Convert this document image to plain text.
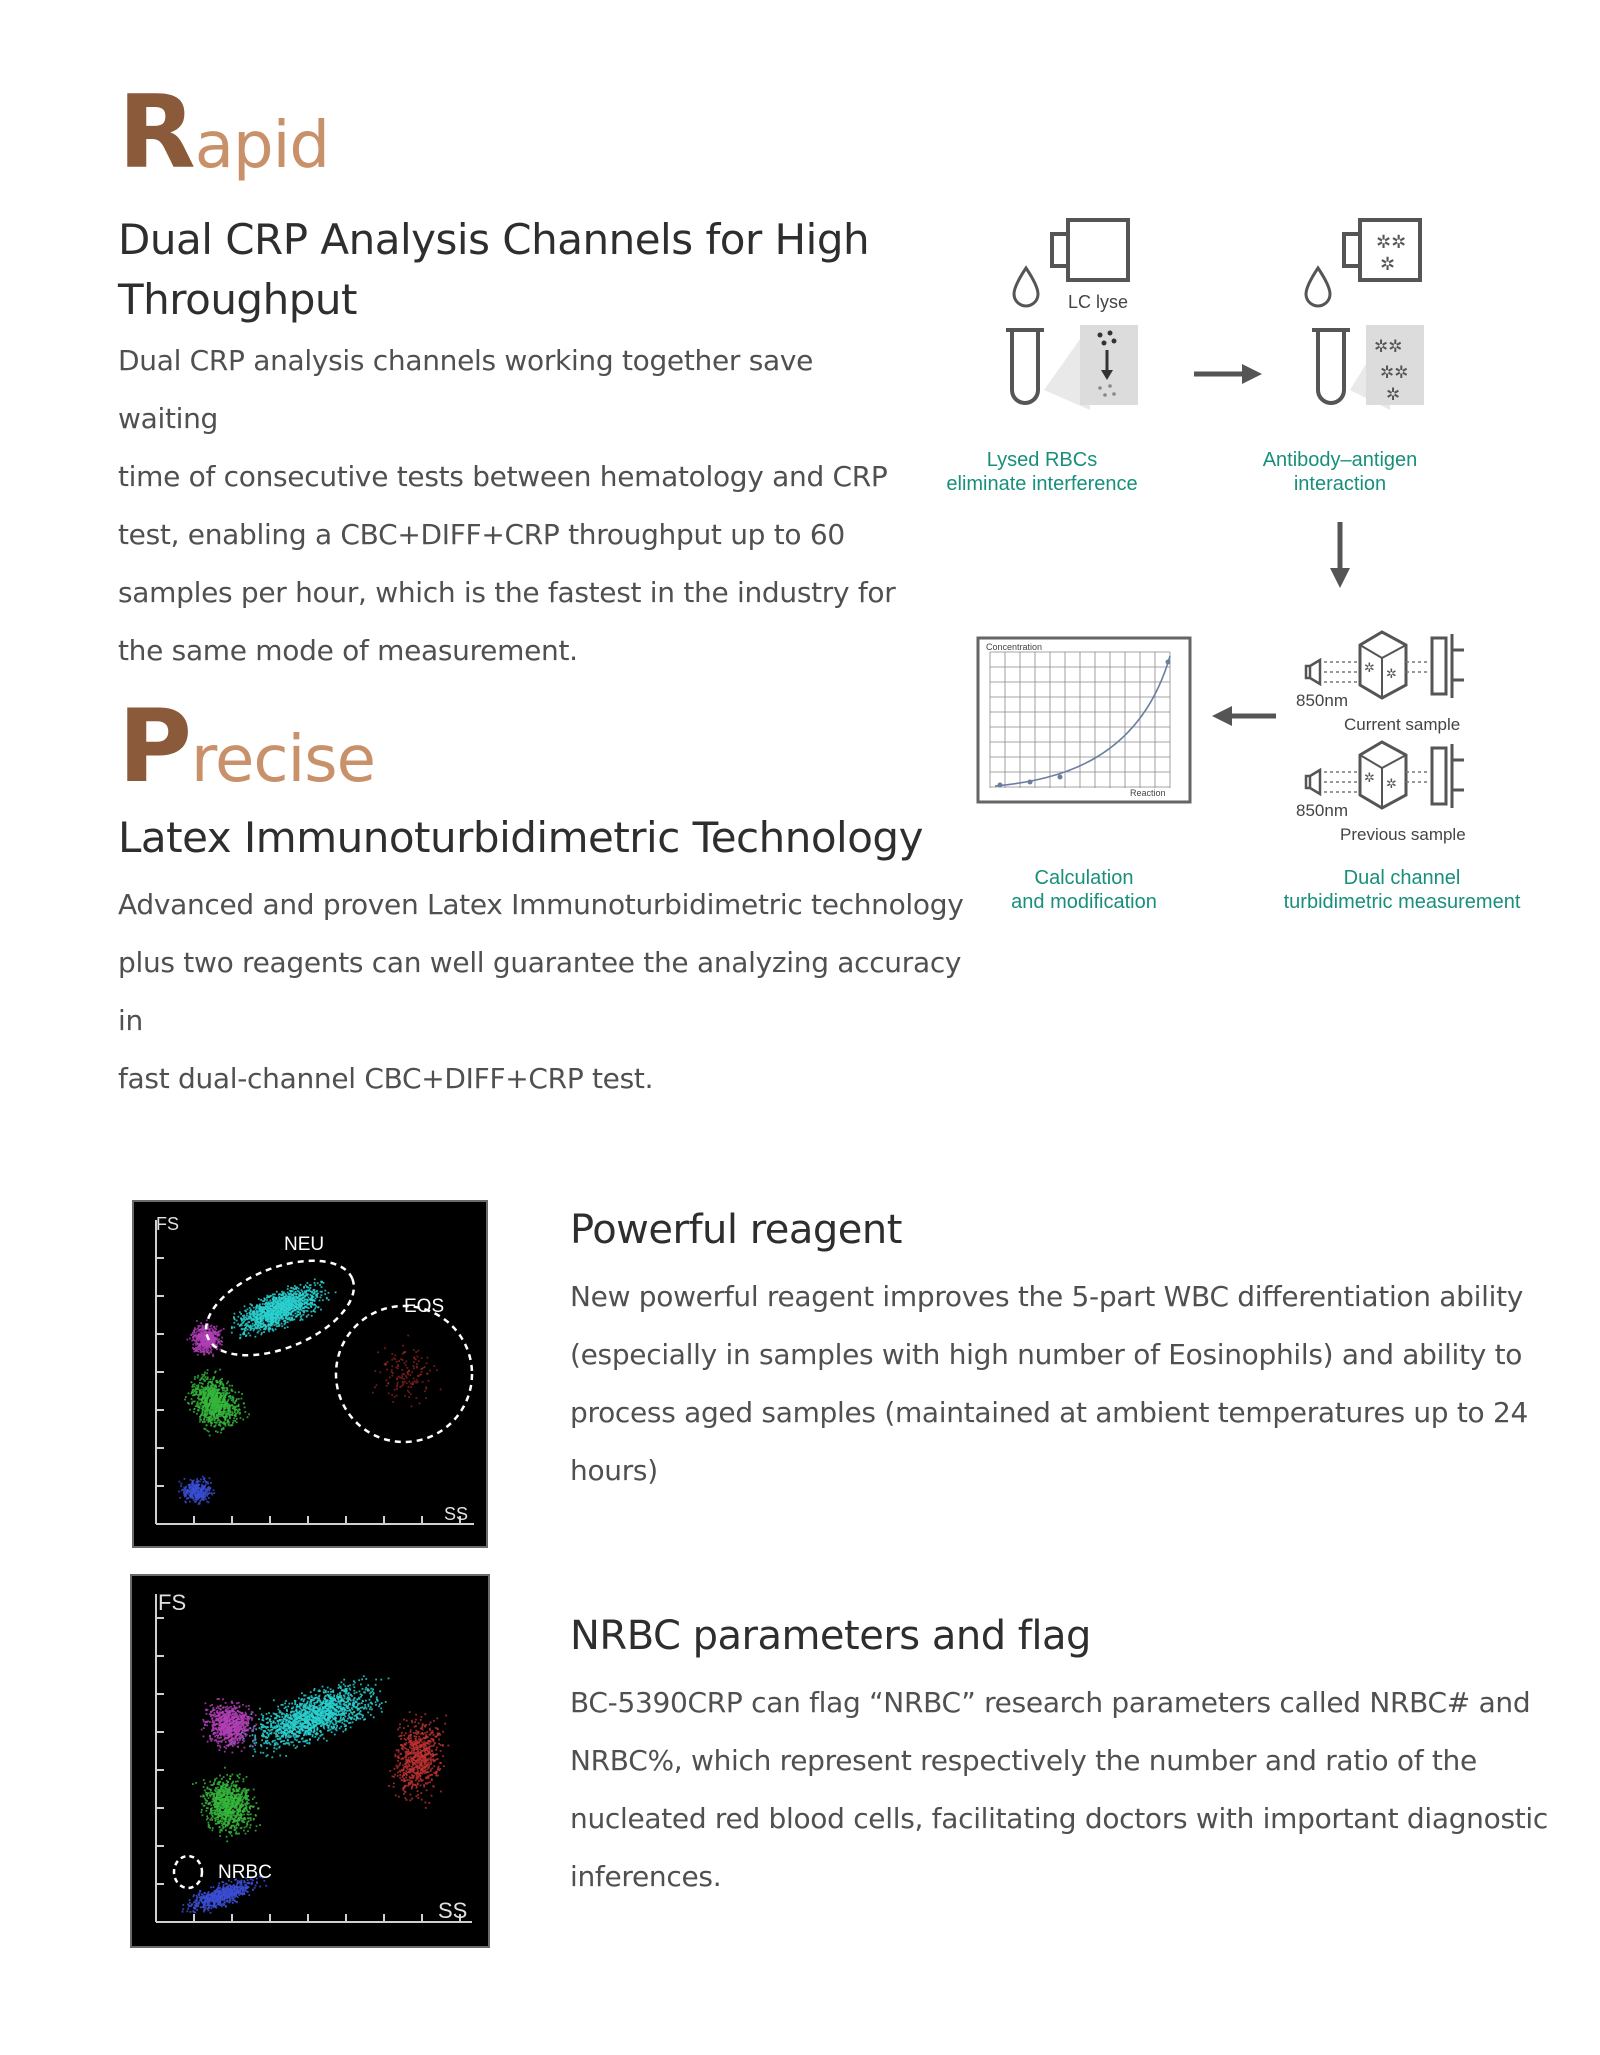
Rapid
Dual CRP Analysis Channels for High
Throughput
Dual CRP analysis channels working together save waiting
time of consecutive tests between hematology and CRP
test, enabling a CBC+DIFF+CRP throughput up to 60
samples per hour, which is the fastest in the industry for
the same mode of measurement.
Precise
Latex Immunoturbidimetric Technology
Advanced and proven Latex Immunoturbidimetric technology
plus two reagents can well guarantee the analyzing accuracy in
fast dual-channel CBC+DIFF+CRP test.
LC lyse
✲✲
✲
✲✲
✲✲
✲
Lysed RBCs
eliminate interference
Antibody–antigen
interaction
Concentration
Reaction
✲ ✲
850nm
Current sample
✲ ✲
850nm
Previous sample
Calculation
and modification
Dual channel
turbidimetric measurement
FS
SS
NEU
EOS
Powerful reagent
New powerful reagent improves the 5-part WBC differentiation ability
(especially in samples with high number of Eosinophils) and ability to
process aged samples (maintained at ambient temperatures up to 24
hours)
FS
SS
NRBC
NRBC parameters and flag
BC-5390CRP can flag “NRBC” research parameters called NRBC# and
NRBC%, which represent respectively the number and ratio of the
nucleated red blood cells, facilitating doctors with important diagnostic
inferences.
